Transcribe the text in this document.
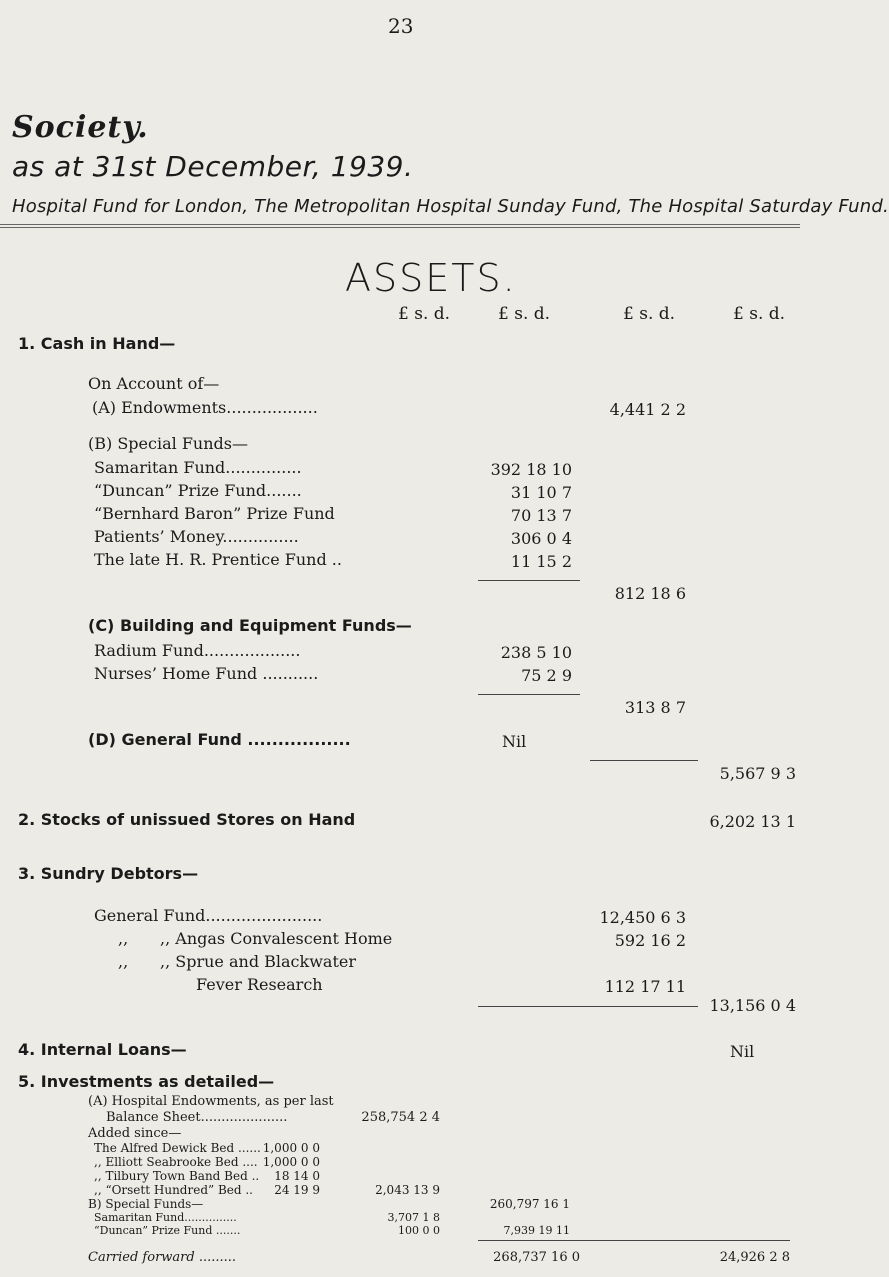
23
Society.
as at 31st December, 1939.
Hospital Fund for London, The Metropolitan Hospital Sunday Fund, The Hospital Saturday Fund.
ASSETS.
£ s. d.	£ s. d.	£ s. d.	£ s. d.
1. Cash in Hand—
On Account of—
(A) Endowments..................	4,441 2 2
(B) Special Funds—
Samaritan Fund...............	392 18 10
“Duncan” Prize Fund.......	31 10 7
“Bernhard Baron” Prize Fund	70 13 7
Patients’ Money...............	306 0 4
The late H. R. Prentice Fund ..	11 15 2
812 18 6
(C) Building and Equipment Funds—
Radium Fund...................	238 5 10
Nurses’ Home Fund ...........	75 2 9
313 8 7
(D) General Fund .................	Nil
5,567 9 3
2. Stocks of unissued Stores on Hand	6,202 13 1
3. Sundry Debtors—
General Fund.......................	12,450 6 3
,, ,, Angas Convalescent Home	592 16 2
,, ,, Sprue and Blackwater
Fever Research	112 17 11
13,156 0 4
4. Internal Loans—	Nil
5. Investments as detailed—
(A) Hospital Endowments, as per last
Balance Sheet.....................	258,754 2 4
Added since—
The Alfred Dewick Bed ...... 1,000 0 0
,, Elliott Seabrooke Bed .... 1,000 0 0
,, Tilbury Town Band Bed ..	18 14 0
,, “Orsett Hundred” Bed ..	24 19 9	2,043 13 9
260,797 16 1
B) Special Funds—
Samaritan Fund...............	3,707 1 8
“Duncan” Prize Fund .......	100 0 0	7,939 19 11
Carried forward .........	268,737 16 0	24,926 2 8
